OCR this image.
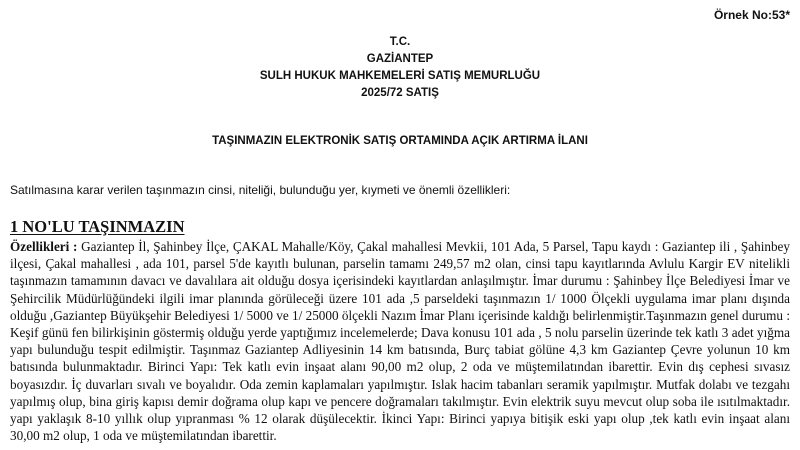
Örnek No:53*
T.C.
GAZİANTEP
SULH HUKUK MAHKEMELERİ SATIŞ MEMURLUĞU
2025/72 SATIŞ
TAŞINMAZIN ELEKTRONİK SATIŞ ORTAMINDA AÇIK ARTIRMA İLANI
Satılmasına karar verilen taşınmazın cinsi, niteliği, bulunduğu yer, kıymeti ve önemli özellikleri:
1 NO'LU TAŞINMAZIN

Özellikleri : Gaziantep İl, Şahinbey İlçe, ÇAKAL Mahalle/Köy, Çakal mahallesi Mevkii, 101 Ada, 5 Parsel, Tapu kaydı : Gaziantep ili , Şahinbey ilçesi, Çakal mahallesi , ada 101, parsel 5'de kayıtlı bulunan, parselin tamamı 249,57 m2 olan, cinsi tapu kayıtlarında Avlulu Kargir EV nitelikli taşınmazın tamamının davacı ve davalılara ait olduğu dosya içerisindeki kayıtlardan anlaşılmıştır. İmar durumu : Şahinbey İlçe Belediyesi İmar ve Şehircilik Müdürlüğündeki ilgili imar planında görüleceği üzere 101 ada ,5 parseldeki taşınmazın 1/ 1000 Ölçekli uygulama imar planı dışında olduğu ,Gaziantep Büyükşehir Belediyesi 1/ 5000 ve 1/ 25000 ölçekli Nazım İmar Planı içerisinde kaldığı belirlenmiştir.Taşınmazın genel durumu : Keşif günü fen bilirkişinin göstermiş olduğu yerde yaptığımız incelemelerde; Dava konusu 101 ada , 5 nolu parselin üzerinde tek katlı 3 adet yığma yapı bulunduğu tespit edilmiştir. Taşınmaz Gaziantep Adliyesinin 14 km batısında, Burç tabiat gölüne 4,3 km Gaziantep Çevre yolunun 10 km batısında bulunmaktadır. Birinci Yapı: Tek katlı evin inşaat alanı 90,00 m2 olup, 2 oda ve müştemilatından ibarettir. Evin dış cephesi sıvasız boyasızdır. İç duvarları sıvalı ve boyalıdır. Oda zemin kaplamaları yapılmıştır. Islak hacim tabanları seramik yapılmıştır. Mutfak dolabı ve tezgahı yapılmış olup, bina giriş kapısı demir doğrama olup kapı ve pencere doğramaları takılmıştır. Evin elektrik suyu mevcut olup soba ile ısıtılmaktadır. yapı yaklaşık 8-10 yıllık olup yıpranması % 12 olarak düşülecektir. İkinci Yapı: Birinci yapıya bitişik eski yapı olup ,tek katlı evin inşaat alanı 30,00 m2 olup, 1 oda ve müştemilatından ibarettir.
